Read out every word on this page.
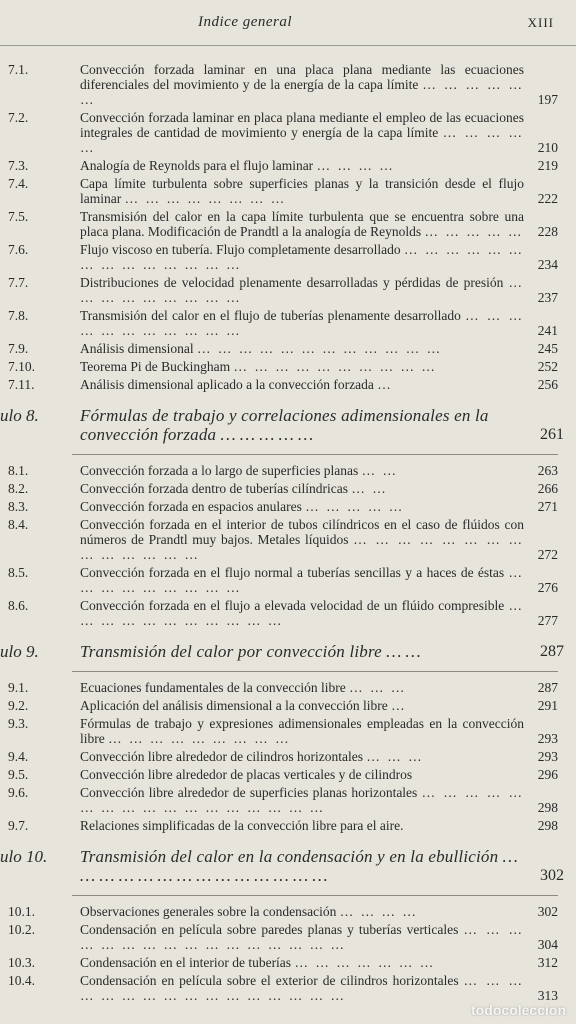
Indice general	XIII
7.1.	Convección forzada laminar en una placa plana mediante las ecuaciones diferenciales del movimiento y de la energía de la capa límite … … … … … …	197
7.2.	Convección forzada laminar en placa plana mediante el empleo de las ecuaciones integrales de cantidad de movimiento y energía de la capa límite … … … … …	210
7.3.	Analogía de Reynolds para el flujo laminar … … … …	219
7.4.	Capa límite turbulenta sobre superficies planas y la transición desde el flujo laminar … … … … … … … …	222
7.5.	Transmisión del calor en la capa límite turbulenta que se encuentra sobre una placa plana. Modificación de Prandtl a la analogía de Reynolds … … … … … 228
7.6.	Flujo viscoso en tubería. Flujo completamente desarrollado … … … … … … … … … … … … … …	234
7.7.	Distribuciones de velocidad plenamente desarrolladas y pérdidas de presión … … … … … … … … …	237
7.8.	Transmisión del calor en el flujo de tuberías plenamente desarrollado … … … … … … … … … … …	241
7.9.	Análisis dimensional … … … … … … … … … … … …	245
7.10.	Teorema Pi de Buckingham … … … … … … … … … …	252
7.11.	Análisis dimensional aplicado a la convección forzada …	256
ulo 8. Fórmulas de trabajo y correlaciones adimensionales en la convección forzada … … … … …	261
8.1.	Convección forzada a lo largo de superficies planas … …	263
8.2.	Convección forzada dentro de tuberías cilíndricas … …	266
8.3.	Convección forzada en espacios anulares … … … … …	271
8.4.	Convección forzada en el interior de tubos cilíndricos en el caso de flúidos con números de Prandtl muy bajos. Metales líquidos … … … … … … … … … … … … … …	272
8.5.	Convección forzada en el flujo normal a tuberías sencillas y a haces de éstas … … … … … … … … …	276
8.6.	Convección forzada en el flujo a elevada velocidad de un flúido compresible … … … … … … … … … … …	277
ulo 9. Transmisión del calor por convección libre … …	287
9.1.	Ecuaciones fundamentales de la convección libre … … …	287
9.2.	Aplicación del análisis dimensional a la convección libre …	291
9.3.	Fórmulas de trabajo y expresiones adimensionales empleadas en la convección libre … … … … … … … … …	293
9.4.	Convección libre alrededor de cilindros horizontales … … …	293
9.5.	Convección libre alrededor de placas verticales y de cilindros	296
9.6.	Convección libre alrededor de superficies planas horizontales … … … … … … … … … … … … … … … … …	298
9.7.	Relaciones simplificadas de la convección libre para el aire.	298
ulo 10. Transmisión del calor en la condensación y en la ebullición … … … … … … … … … … … … … …	302
10.1.	Observaciones generales sobre la condensación … … … …	302
10.2.	Condensación en película sobre paredes planas y tuberías verticales … … … … … … … … … … … … … … … …	304
10.3.	Condensación en el interior de tuberías … … … … … … …	312
10.4.	Condensación en película sobre el exterior de cilindros horizontales … … … … … … … … … … … … … … … …	313
todocoleccion
